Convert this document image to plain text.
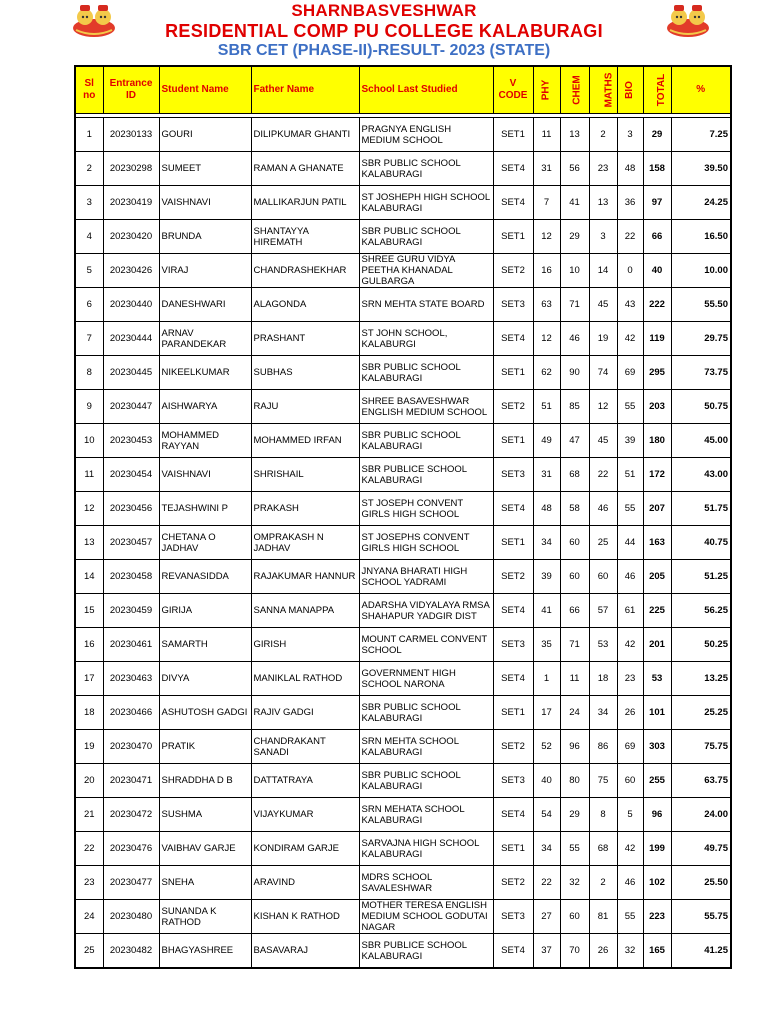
SHARNBASVESHWAR
RESIDENTIAL COMP PU COLLEGE KALABURAGI
SBR CET (PHASE-II)-RESULT- 2023 (STATE)
Sl no	Entrance ID	Student Name	Father Name	School Last Studied	V CODE	PHY	CHEM	MATHS	BIO	TOTAL	%

1	20230133	GOURI	DILIPKUMAR GHANTI	PRAGNYA ENGLISH MEDIUM SCHOOL	SET1	11	13	2	3	29	7.25
2	20230298	SUMEET	RAMAN A GHANATE	SBR PUBLIC SCHOOL KALABURAGI	SET4	31	56	23	48	158	39.50
3	20230419	VAISHNAVI	MALLIKARJUN PATIL	ST JOSHEPH HIGH SCHOOL KALABURAGI	SET4	7	41	13	36	97	24.25
4	20230420	BRUNDA	SHANTAYYA HIREMATH	SBR PUBLIC SCHOOL KALABURAGI	SET1	12	29	3	22	66	16.50
5	20230426	VIRAJ	CHANDRASHEKHAR	SHREE GURU VIDYA PEETHA KHANADAL GULBARGA	SET2	16	10	14	0	40	10.00
6	20230440	DANESHWARI	ALAGONDA	SRN MEHTA STATE BOARD	SET3	63	71	45	43	222	55.50
7	20230444	ARNAV PARANDEKAR	PRASHANT	ST JOHN SCHOOL, KALABURGI	SET4	12	46	19	42	119	29.75
8	20230445	NIKEELKUMAR	SUBHAS	SBR PUBLIC SCHOOL KALABURAGI	SET1	62	90	74	69	295	73.75
9	20230447	AISHWARYA	RAJU	SHREE BASAVESHWAR ENGLISH MEDIUM SCHOOL	SET2	51	85	12	55	203	50.75
10	20230453	MOHAMMED RAYYAN	MOHAMMED IRFAN	SBR PUBLIC SCHOOL KALABURAGI	SET1	49	47	45	39	180	45.00
11	20230454	VAISHNAVI	SHRISHAIL	SBR PUBLICE SCHOOL KALABURAGI	SET3	31	68	22	51	172	43.00
12	20230456	TEJASHWINI P	PRAKASH	ST JOSEPH CONVENT GIRLS HIGH SCHOOL	SET4	48	58	46	55	207	51.75
13	20230457	CHETANA O JADHAV	OMPRAKASH N JADHAV	ST JOSEPHS CONVENT GIRLS HIGH SCHOOL	SET1	34	60	25	44	163	40.75
14	20230458	REVANASIDDA	RAJAKUMAR HANNUR	JNYANA BHARATI HIGH SCHOOL YADRAMI	SET2	39	60	60	46	205	51.25
15	20230459	GIRIJA	SANNA MANAPPA	ADARSHA VIDYALAYA RMSA SHAHAPUR YADGIR DIST	SET4	41	66	57	61	225	56.25
16	20230461	SAMARTH	GIRISH	MOUNT CARMEL CONVENT SCHOOL	SET3	35	71	53	42	201	50.25
17	20230463	DIVYA	MANIKLAL RATHOD	GOVERNMENT HIGH SCHOOL NARONA	SET4	1	11	18	23	53	13.25
18	20230466	ASHUTOSH GADGI	RAJIV GADGI	SBR PUBLIC SCHOOL KALABURAGI	SET1	17	24	34	26	101	25.25
19	20230470	PRATIK	CHANDRAKANT SANADI	SRN MEHTA SCHOOL KALABURAGI	SET2	52	96	86	69	303	75.75
20	20230471	SHRADDHA D B	DATTATRAYA	SBR PUBLIC SCHOOL KALABURAGI	SET3	40	80	75	60	255	63.75
21	20230472	SUSHMA	VIJAYKUMAR	SRN MEHATA SCHOOL KALABURAGI	SET4	54	29	8	5	96	24.00
22	20230476	VAIBHAV GARJE	KONDIRAM GARJE	SARVAJNA HIGH SCHOOL KALABURAGI	SET1	34	55	68	42	199	49.75
23	20230477	SNEHA	ARAVIND	MDRS SCHOOL SAVALESHWAR	SET2	22	32	2	46	102	25.50
24	20230480	SUNANDA K RATHOD	KISHAN K RATHOD	MOTHER TERESA ENGLISH MEDIUM SCHOOL GODUTAI NAGAR	SET3	27	60	81	55	223	55.75
25	20230482	BHAGYASHREE	BASAVARAJ	SBR PUBLICE SCHOOL KALABURAGI	SET4	37	70	26	32	165	41.25
